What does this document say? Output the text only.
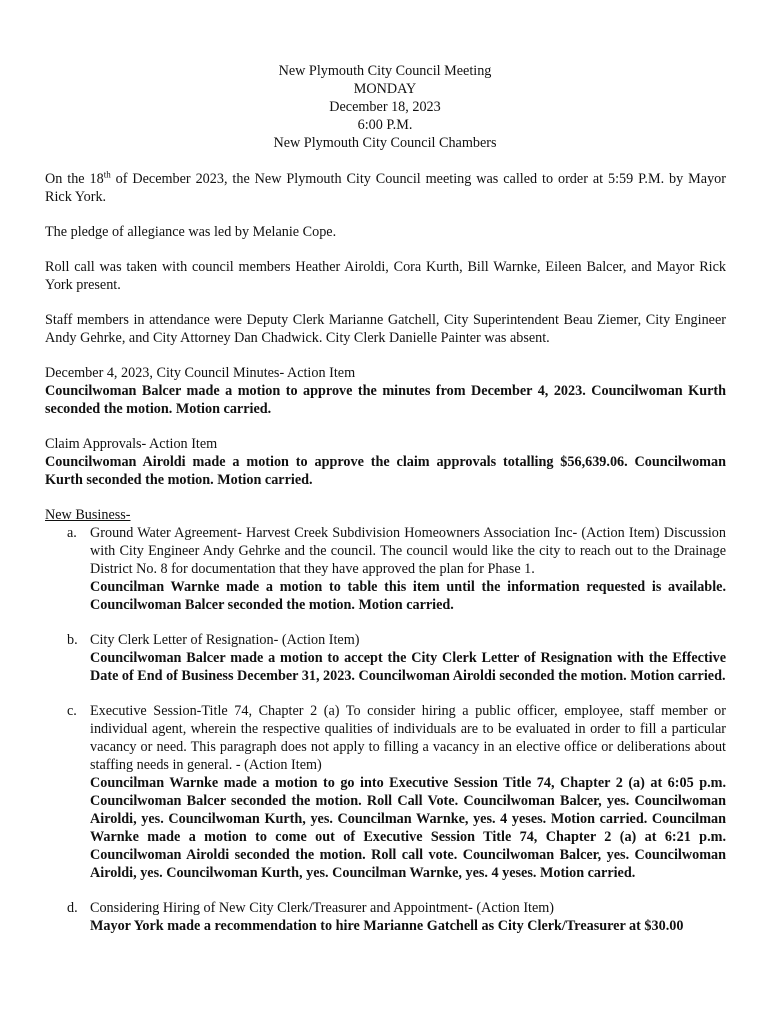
New Plymouth City Council Meeting
MONDAY
December 18, 2023
6:00 P.M.
New Plymouth City Council Chambers

On the 18th of December 2023, the New Plymouth City Council meeting was called to order at 5:59 P.M. by Mayor Rick York.

The pledge of allegiance was led by Melanie Cope.

Roll call was taken with council members Heather Airoldi, Cora Kurth, Bill Warnke, Eileen Balcer, and Mayor Rick York present.

Staff members in attendance were Deputy Clerk Marianne Gatchell, City Superintendent Beau Ziemer, City Engineer Andy Gehrke, and City Attorney Dan Chadwick. City Clerk Danielle Painter was absent.

December 4, 2023, City Council Minutes- Action Item
Councilwoman Balcer made a motion to approve the minutes from December 4, 2023. Councilwoman Kurth seconded the motion. Motion carried.
Claim Approvals- Action Item
Councilwoman Airoldi made a motion to approve the claim approvals totalling $56,639.06. Councilwoman Kurth seconded the motion. Motion carried.
New Business-
a. Ground Water Agreement- Harvest Creek Subdivision Homeowners Association Inc- (Action Item) Discussion with City Engineer Andy Gehrke and the council. The council would like the city to reach out to the Drainage District No. 8 for documentation that they have approved the plan for Phase 1.
Councilman Warnke made a motion to table this item until the information requested is available. Councilwoman Balcer seconded the motion. Motion carried.
b. City Clerk Letter of Resignation- (Action Item)
Councilwoman Balcer made a motion to accept the City Clerk Letter of Resignation with the Effective Date of End of Business December 31, 2023. Councilwoman Airoldi seconded the motion. Motion carried.
c. Executive Session-Title 74, Chapter 2 (a) To consider hiring a public officer, employee, staff member or individual agent, wherein the respective qualities of individuals are to be evaluated in order to fill a particular vacancy or need. This paragraph does not apply to filling a vacancy in an elective office or deliberations about staffing needs in general. - (Action Item)
Councilman Warnke made a motion to go into Executive Session Title 74, Chapter 2 (a) at 6:05 p.m. Councilwoman Balcer seconded the motion. Roll Call Vote. Councilwoman Balcer, yes. Councilwoman Airoldi, yes. Councilwoman Kurth, yes. Councilman Warnke, yes. 4 yeses. Motion carried. Councilman Warnke made a motion to come out of Executive Session Title 74, Chapter 2 (a) at 6:21 p.m. Councilwoman Airoldi seconded the motion. Roll call vote. Councilwoman Balcer, yes. Councilwoman Airoldi, yes. Councilwoman Kurth, yes. Councilman Warnke, yes. 4 yeses. Motion carried.
d. Considering Hiring of New City Clerk/Treasurer and Appointment- (Action Item)
Mayor York made a recommendation to hire Marianne Gatchell as City Clerk/Treasurer at $30.00
